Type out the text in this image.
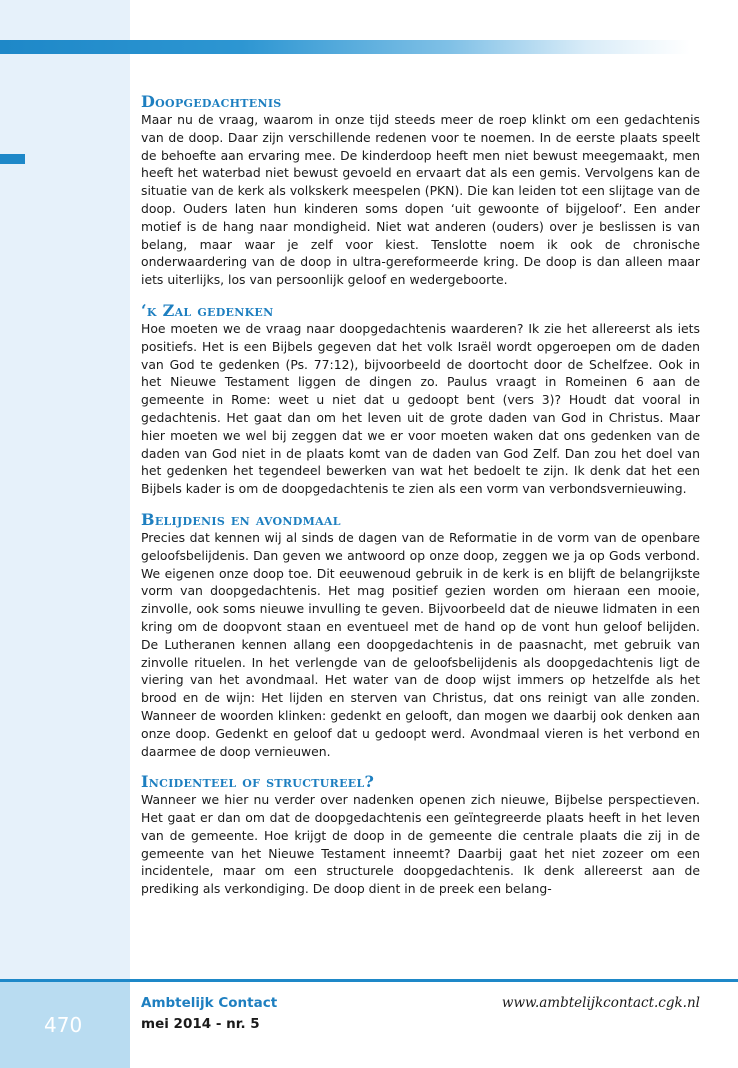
Doopgedachtenis

Maar nu de vraag, waarom in onze tijd steeds meer de roep klinkt om een gedachtenis van de doop. Daar zijn verschillende redenen voor te noemen. In de eerste plaats speelt de behoefte aan ervaring mee. De kinderdoop heeft men niet bewust meegemaakt, men heeft het waterbad niet bewust gevoeld en ervaart dat als een gemis. Vervolgens kan de situatie van de kerk als volkskerk meespelen (PKN). Die kan leiden tot een slijtage van de doop. Ouders laten hun kinderen soms dopen ‘uit gewoonte of bijgeloof’. Een ander motief is de hang naar mondigheid. Niet wat anderen (ouders) over je beslissen is van belang, maar waar je zelf voor kiest. Tenslotte noem ik ook de chronische onderwaardering van de doop in ultra-gereformeerde kring. De doop is dan alleen maar iets uiterlijks, los van persoonlijk geloof en wedergeboorte.

‘k Zal gedenken

Hoe moeten we de vraag naar doopgedachtenis waarderen? Ik zie het allereerst als iets positiefs. Het is een Bijbels gegeven dat het volk Israël wordt opgeroepen om de daden van God te gedenken (Ps. 77:12), bijvoorbeeld de doortocht door de Schelfzee. Ook in het Nieuwe Testament liggen de dingen zo. Paulus vraagt in Romeinen 6 aan de gemeente in Rome: weet u niet dat u gedoopt bent (vers 3)? Houdt dat vooral in gedachtenis. Het gaat dan om het leven uit de grote daden van God in Christus. Maar hier moeten we wel bij zeggen dat we er voor moeten waken dat ons gedenken van de daden van God niet in de plaats komt van de daden van God Zelf. Dan zou het doel van het gedenken het tegendeel bewerken van wat het bedoelt te zijn. Ik denk dat het een Bijbels kader is om de doopgedachtenis te zien als een vorm van verbondsvernieuwing.

Belijdenis en avondmaal

Precies dat kennen wij al sinds de dagen van de Reformatie in de vorm van de openbare geloofsbelijdenis. Dan geven we antwoord op onze doop, zeggen we ja op Gods verbond. We eigenen onze doop toe. Dit eeuwenoud gebruik in de kerk is en blijft de belangrijkste vorm van doopgedachtenis. Het mag positief gezien worden om hieraan een mooie, zinvolle, ook soms nieuwe invulling te geven. Bijvoorbeeld dat de nieuwe lidmaten in een kring om de doopvont staan en eventueel met de hand op de vont hun geloof belijden. De Lutheranen kennen allang een doopgedachtenis in de paasnacht, met gebruik van zinvolle rituelen. In het verlengde van de geloofsbelijdenis als doopgedachtenis ligt de viering van het avondmaal. Het water van de doop wijst immers op hetzelfde als het brood en de wijn: Het lijden en sterven van Christus, dat ons reinigt van alle zonden. Wanneer de woorden klinken: gedenkt en gelooft, dan mogen we daarbij ook denken aan onze doop. Gedenkt en geloof dat u gedoopt werd. Avondmaal vieren is het verbond en daarmee de doop vernieuwen.

Incidenteel of structureel?

Wanneer we hier nu verder over nadenken openen zich nieuwe, Bijbelse perspectieven. Het gaat er dan om dat de doopgedachtenis een geïntegreerde plaats heeft in het leven van de gemeente. Hoe krijgt de doop in de gemeente die centrale plaats die zij in de gemeente van het Nieuwe Testament inneemt? Daarbij gaat het niet zozeer om een incidentele, maar om een structurele doopgedachtenis. Ik denk allereerst aan de prediking als verkondiging. De doop dient in de preek een belang-

470
Ambtelijk Contact
mei 2014 - nr. 5
www.ambtelijkcontact.cgk.nl
